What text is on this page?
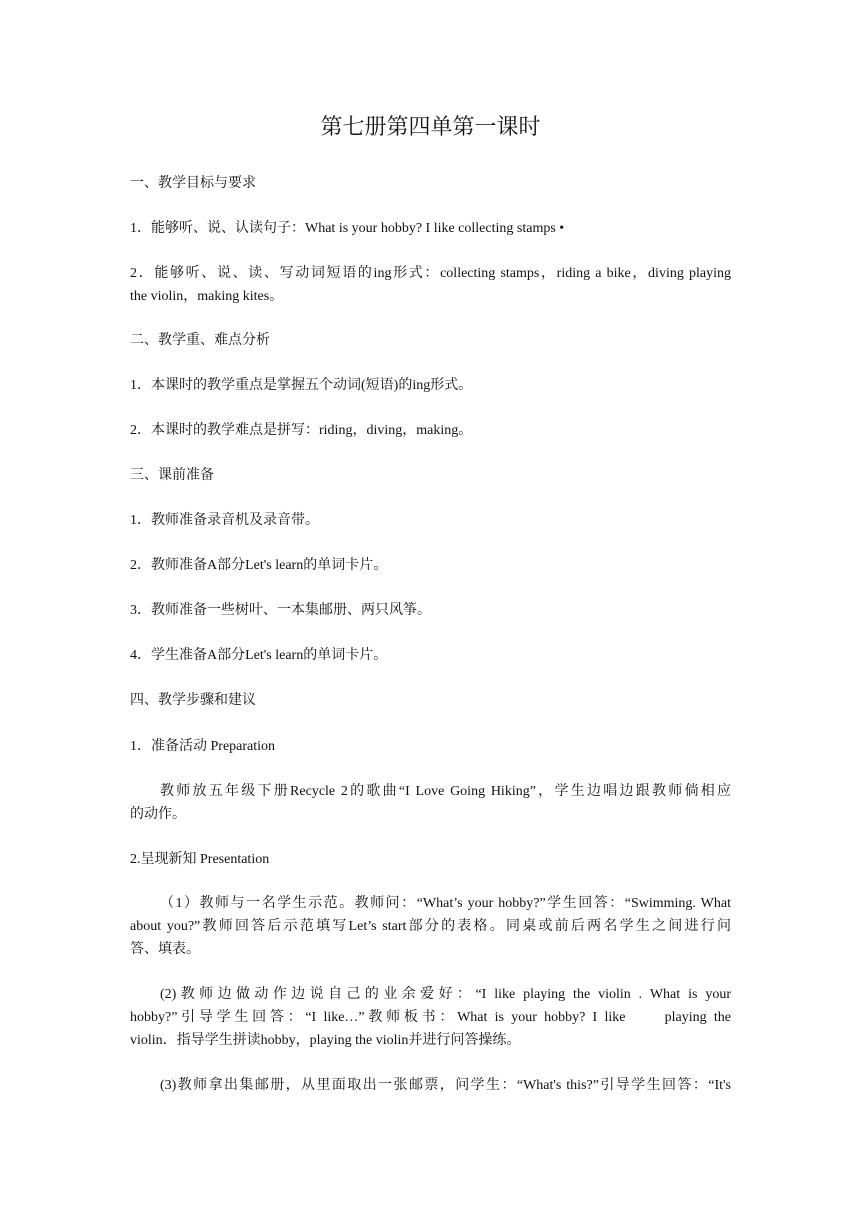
第七册第四单第一课时
一、教学目标与要求
1．能够听、说、认读句子：What is your hobby? I like collecting stamps •
2．能够听、说、读、写动词短语的ing形式：collecting stamps，riding a bike，diving playing
the violin，making kites。
二、教学重、难点分析
1．本课时的教学重点是掌握五个动词(短语)的ing形式。
2．本课时的教学难点是拼写：riding，diving，making。
三、课前准备
1．教师准备录音机及录音带。
2．教师准备A部分Let's learn的单词卡片。
3．教师准备一些树叶、一本集邮册、两只风筝。
4．学生准备A部分Let's learn的单词卡片。
四、教学步骤和建议
1．准备活动 Preparation
教师放五年级下册Recycle 2的歌曲“I Love Going Hiking”，学生边唱边跟教师倘相应
的动作。
2.呈现新知 Presentation
（1）教师与一名学生示范。教师问：“What’s your hobby?”学生回答：“Swimming. What
about you?”教师回答后示范填写Let’s start部分的表格。同桌或前后两名学生之间进行问
答、填表。
(2)教师边做动作边说自己的业余爱好：“I like playing the violin . What is your
hobby?”引导学生回答：“I like…”教师板书：What is your hobby? I like　　playing the
violin．指导学生拼读hobby，playing the violin并进行问答操练。
(3)教师拿出集邮册，从里面取出一张邮票，问学生：“What's this?”引导学生回答：“It's
